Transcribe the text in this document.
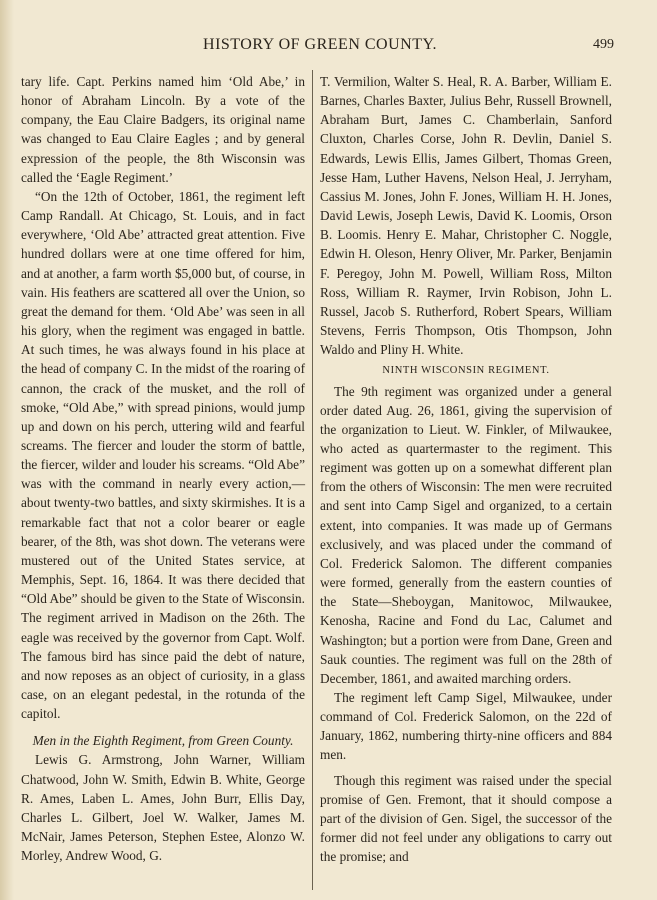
HISTORY OF GREEN COUNTY.	499

tary life. Capt. Perkins named him ‘Old Abe,’ in honor of Abraham Lincoln. By a vote of the company, the Eau Claire Badgers, its original name was changed to Eau Claire Eagles ; and by general expression of the people, the 8th Wisconsin was called the ‘Eagle Regiment.’

“On the 12th of October, 1861, the regiment left Camp Randall. At Chicago, St. Louis, and in fact everywhere, ‘Old Abe’ attracted great attention. Five hundred dollars were at one time offered for him, and at another, a farm worth $5,000 but, of course, in vain. His feathers are scattered all over the Union, so great the demand for them. ‘Old Abe’ was seen in all his glory, when the regiment was engaged in battle. At such times, he was always found in his place at the head of company C. In the midst of the roaring of cannon, the crack of the musket, and the roll of smoke, “Old Abe,” with spread pinions, would jump up and down on his perch, uttering wild and fearful screams. The fiercer and louder the storm of battle, the fiercer, wilder and louder his screams. “Old Abe” was with the command in nearly every action,—about twenty-two battles, and sixty skirmishes. It is a remarkable fact that not a color bearer or eagle bearer, of the 8th, was shot down. The veterans were mustered out of the United States service, at Memphis, Sept. 16, 1864. It was there decided that “Old Abe” should be given to the State of Wisconsin. The regiment arrived in Madison on the 26th. The eagle was received by the governor from Capt. Wolf. The famous bird has since paid the debt of nature, and now reposes as an object of curiosity, in a glass case, on an elegant pedestal, in the rotunda of the capitol.

Men in the Eighth Regiment, from Green County.

Lewis G. Armstrong, John Warner, William Chatwood, John W. Smith, Edwin B. White, George R. Ames, Laben L. Ames, John Burr, Ellis Day, Charles L. Gilbert, Joel W. Walker, James M. McNair, James Peterson, Stephen Estee, Alonzo W. Morley, Andrew Wood, G.

T. Vermilion, Walter S. Heal, R. A. Barber, William E. Barnes, Charles Baxter, Julius Behr, Russell Brownell, Abraham Burt, James C. Chamberlain, Sanford Cluxton, Charles Corse, John R. Devlin, Daniel S. Edwards, Lewis Ellis, James Gilbert, Thomas Green, Jesse Ham, Luther Havens, Nelson Heal, J. Jerryham, Cassius M. Jones, John F. Jones, William H. H. Jones, David Lewis, Joseph Lewis, David K. Loomis, Orson B. Loomis. Henry E. Mahar, Christopher C. Noggle, Edwin H. Oleson, Henry Oliver, Mr. Parker, Benjamin F. Peregoy, John M. Powell, William Ross, Milton Ross, William R. Raymer, Irvin Robison, John L. Russel, Jacob S. Rutherford, Robert Spears, William Stevens, Ferris Thompson, Otis Thompson, John Waldo and Pliny H. White.

NINTH WISCONSIN REGIMENT.

The 9th regiment was organized under a general order dated Aug. 26, 1861, giving the supervision of the organization to Lieut. W. Finkler, of Milwaukee, who acted as quartermaster to the regiment. This regiment was gotten up on a somewhat different plan from the others of Wisconsin: The men were recruited and sent into Camp Sigel and organized, to a certain extent, into companies. It was made up of Germans exclusively, and was placed under the command of Col. Frederick Salomon. The different companies were formed, generally from the eastern counties of the State—Sheboygan, Manitowoc, Milwaukee, Kenosha, Racine and Fond du Lac, Calumet and Washington; but a portion were from Dane, Green and Sauk counties. The regiment was full on the 28th of December, 1861, and awaited marching orders.

The regiment left Camp Sigel, Milwaukee, under command of Col. Frederick Salomon, on the 22d of January, 1862, numbering thirty-nine officers and 884 men.

Though this regiment was raised under the special promise of Gen. Fremont, that it should compose a part of the division of Gen. Sigel, the successor of the former did not feel under any obligations to carry out the promise; and
